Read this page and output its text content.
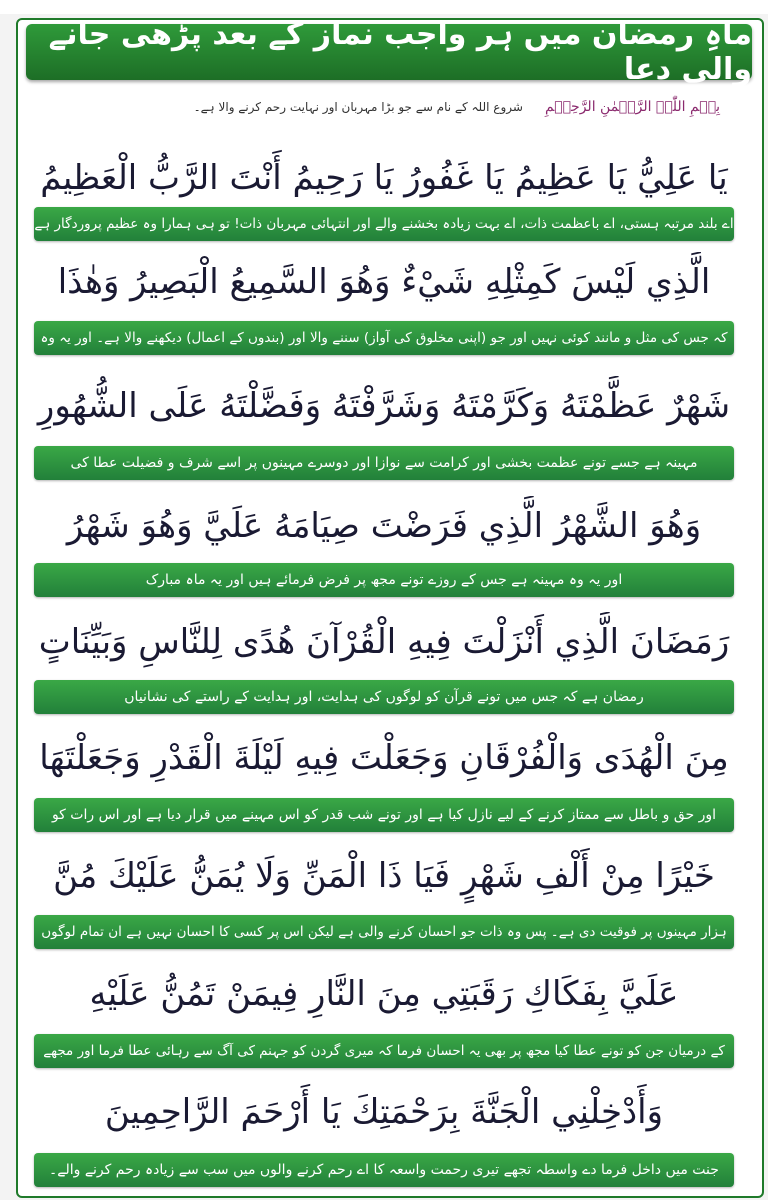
ماہِ رمضان میں ہر واجب نماز کے بعد پڑھی جانے والی دعا
بِسۡمِ اللّٰہِ الرَّحۡمٰنِ الرَّحِیۡمِ
شروع اللہ کے نام سے جو بڑا مہربان اور نہایت رحم کرنے والا ہے۔
يَا عَلِيُّ يَا عَظِيمُ يَا غَفُورُ يَا رَحِيمُ أَنْتَ الرَّبُّ الْعَظِيمُ
اے بلند مرتبہ ہستی، اے باعظمت ذات، اے بہت زیادہ بخشنے والے اور انتہائی مہربان ذات! تو ہی ہمارا وہ عظیم پروردگار ہے
الَّذِي لَيْسَ كَمِثْلِهِ شَيْءٌ وَهُوَ السَّمِيعُ الْبَصِيرُ وَهٰذَا
کہ جس کی مثل و مانند کوئی نہیں اور جو (اپنی مخلوق کی آواز) سننے والا اور (بندوں کے اعمال) دیکھنے والا ہے۔ اور یہ وہ
شَهْرٌ عَظَّمْتَهُ وَكَرَّمْتَهُ وَشَرَّفْتَهُ وَفَضَّلْتَهُ عَلَى الشُّهُورِ
مہینہ ہے جسے تونے عظمت بخشی اور کرامت سے نوازا اور دوسرے مہینوں پر اسے شرف و فضیلت عطا کی
وَهُوَ الشَّهْرُ الَّذِي فَرَضْتَ صِيَامَهُ عَلَيَّ وَهُوَ شَهْرُ
اور یہ وہ مہینہ ہے جس کے روزے تونے مجھ پر فرض فرمائے ہیں اور یہ ماہ مبارک
رَمَضَانَ الَّذِي أَنْزَلْتَ فِيهِ الْقُرْآنَ هُدًى لِلنَّاسِ وَبَيِّنَاتٍ
رمضان ہے کہ جس میں تونے قرآن کو لوگوں کی ہدایت، اور ہدایت کے راستے کی نشانیاں
مِنَ الْهُدَى وَالْفُرْقَانِ وَجَعَلْتَ فِيهِ لَيْلَةَ الْقَدْرِ وَجَعَلْتَهَا
اور حق و باطل سے ممتاز کرنے کے لیے نازل کیا ہے اور تونے شب قدر کو اس مہینے میں قرار دیا ہے اور اس رات کو
خَيْرًا مِنْ أَلْفِ شَهْرٍ فَيَا ذَا الْمَنِّ وَلَا يُمَنُّ عَلَيْكَ مُنَّ
ہزار مہینوں پر فوقیت دی ہے۔ پس وہ ذات جو احسان کرنے والی ہے لیکن اس پر کسی کا احسان نہیں ہے ان تمام لوگوں
عَلَيَّ بِفَكَاكِ رَقَبَتِي مِنَ النَّارِ فِيمَنْ تَمُنُّ عَلَيْهِ
کے درمیان جن کو تونے عطا کیا مجھ پر بھی یہ احسان فرما کہ میری گردن کو جہنم کی آگ سے رہائی عطا فرما اور مجھے
وَأَدْخِلْنِي الْجَنَّةَ بِرَحْمَتِكَ يَا أَرْحَمَ الرَّاحِمِينَ
جنت میں داخل فرما دے واسطہ تجھے تیری رحمت واسعہ کا اے رحم کرنے والوں میں سب سے زیادہ رحم کرنے والے۔
